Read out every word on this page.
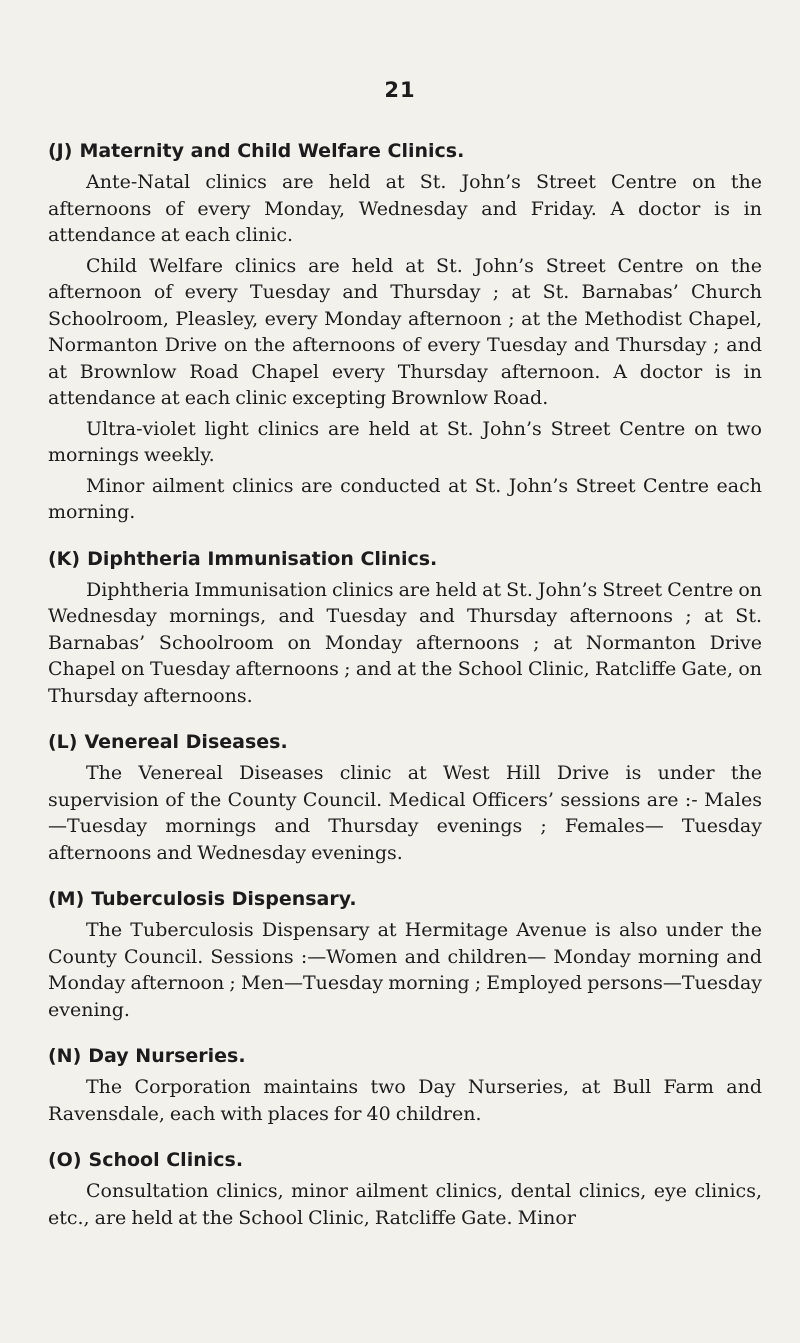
21
(J) Maternity and Child Welfare Clinics.

Ante-Natal clinics are held at St. John’s Street Centre on the afternoons of every Monday, Wednesday and Friday. A doctor is in attendance at each clinic.

Child Welfare clinics are held at St. John’s Street Centre on the afternoon of every Tuesday and Thursday ; at St. Barnabas’ Church Schoolroom, Pleasley, every Monday afternoon ; at the Methodist Chapel, Normanton Drive on the afternoons of every Tuesday and Thursday ; and at Brownlow Road Chapel every Thursday afternoon. A doctor is in attendance at each clinic excepting Brownlow Road.

Ultra-violet light clinics are held at St. John’s Street Centre on two mornings weekly.

Minor ailment clinics are conducted at St. John’s Street Centre each morning.

(K) Diphtheria Immunisation Clinics.

Diphtheria Immunisation clinics are held at St. John’s Street Centre on Wednesday mornings, and Tuesday and Thursday afternoons ; at St. Barnabas’ Schoolroom on Monday afternoons ; at Normanton Drive Chapel on Tuesday afternoons ; and at the School Clinic, Ratcliffe Gate, on Thursday afternoons.

(L) Venereal Diseases.

The Venereal Diseases clinic at West Hill Drive is under the supervision of the County Council. Medical Officers’ sessions are :- Males—Tuesday mornings and Thursday evenings ; Females— Tuesday afternoons and Wednesday evenings.

(M) Tuberculosis Dispensary.

The Tuberculosis Dispensary at Hermitage Avenue is also under the County Council. Sessions :—Women and children— Monday morning and Monday afternoon ; Men—Tuesday morning ; Employed persons—Tuesday evening.

(N) Day Nurseries.

The Corporation maintains two Day Nurseries, at Bull Farm and Ravensdale, each with places for 40 children.

(O) School Clinics.

Consultation clinics, minor ailment clinics, dental clinics, eye clinics, etc., are held at the School Clinic, Ratcliffe Gate. Minor
